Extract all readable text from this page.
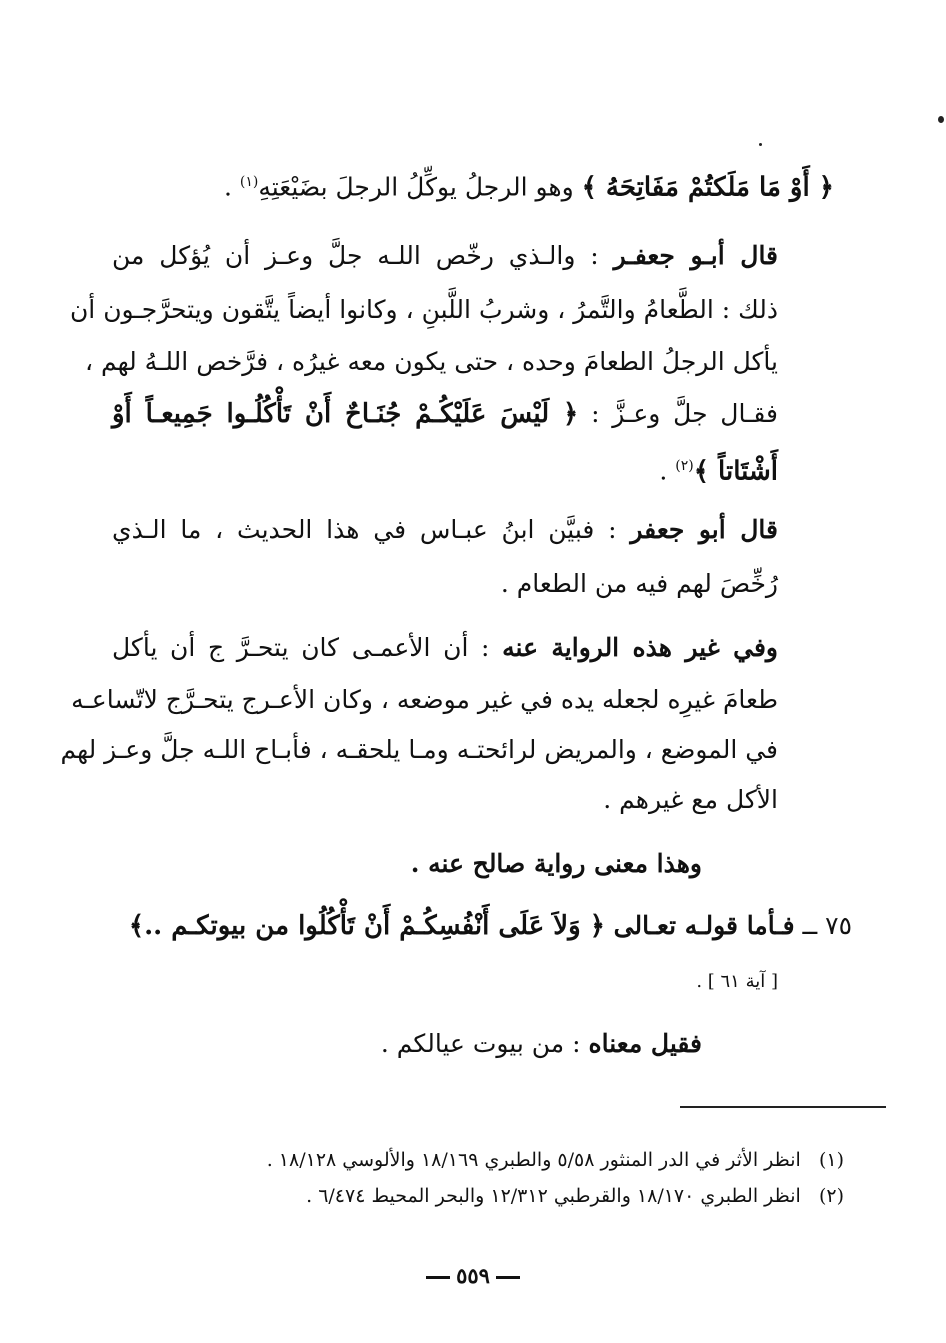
﴿ أَوْ مَا مَلَكتُمْ مَفَاتِحَهُ ﴾ وهو الرجلُ يوكِّلُ الرجلَ بضَيْعَتِهِ$^{(١)}$ .
قال أبـو جعفـر : والـذي رخّص اللـه جلَّ وعـز أن يُؤكل من
ذلك : الطَّعامُ والتَّمرُ ، وشربُ اللَّبنِ ، وكانوا أيضاً يتَّقون ويتحرَّجـون أن
يأكل الرجلُ الطعامَ وحده ، حتى يكون معه غيرُه ، فرَّخص اللـهُ لهم ،
فقـال جلَّ وعـزَّ : ﴿ لَيْسَ عَلَيْكُـمْ جُنَـاحٌ أَنْ تَأْكُلُـوا جَمِيعـاً أَوْ
أَشْتَاتاً ﴾$^{(٢)}$ .
قال أبو جعفر : فبيَّن ابنُ عبـاس في هذا الحديث ، ما الـذي
رُخِّصَ لهم فيه من الطعام .
وفي غير هذه الرواية عنه : أن الأعمـى كان يتحـرَّ ج أن يأكل
طعامَ غيرِه لجعله يده في غير موضعه ، وكان الأعـرج يتحـرَّج لاتّساعـه
في الموضع ، والمريض لرائحتـه ومـا يلحقـه ، فأبـاح اللـه جلَّ وعـز لهم
الأكل مع غيرهم .
وهذا معنى رواية صالح عنه .
٧٥ ــ فـأما قولـه تعـالى ﴿ وَلاَ عَلَى أَنْفُسِكُـمْ أَنْ تَأْكُلُوا من بيوتكـم ..﴾
[ آية ٦١ ] .
فقيل معناه : من بيوت عيالكم .
(١)   انظر الأثر في الدر المنثور ٥/٥٨ والطبري ١٨/١٦٩ والألوسي ١٨/١٢٨ .
(٢)   انظر الطبري ١٨/١٧٠ والقرطبي ١٢/٣١٢ والبحر المحيط ٦/٤٧٤ .
٥٥٩
